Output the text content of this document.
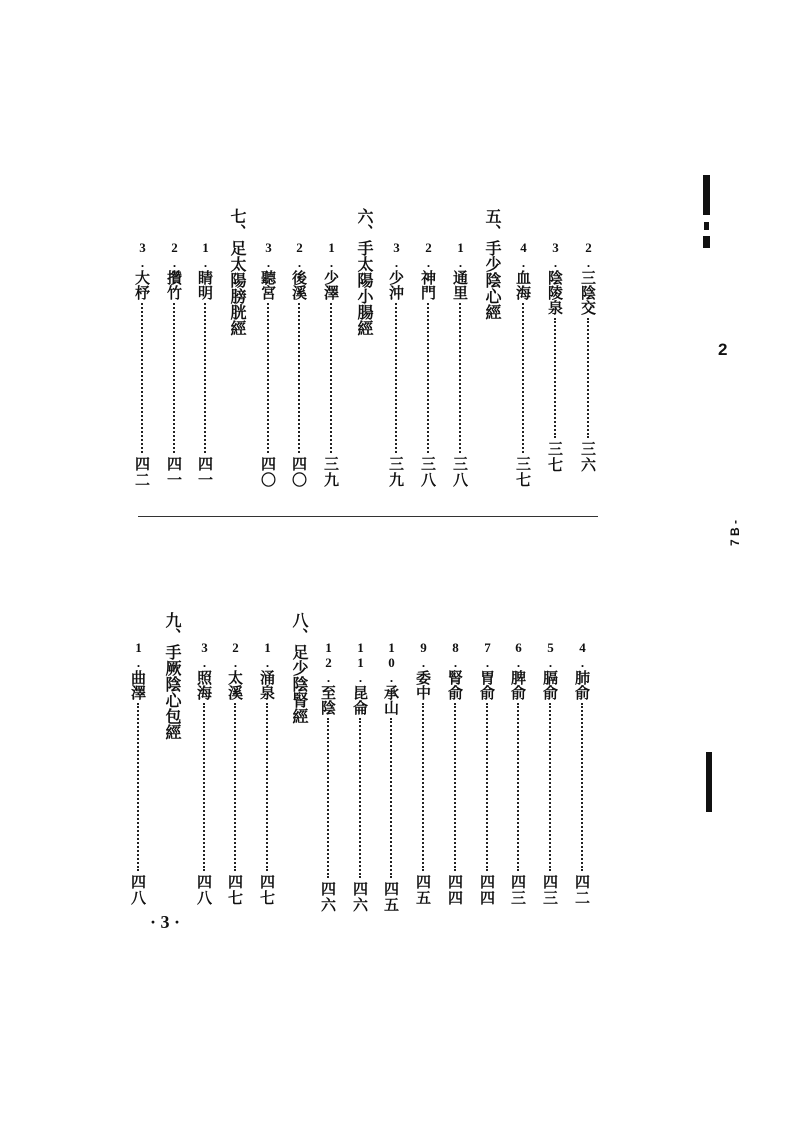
2.三陰交三六
3.陰陵泉三七
4.血海三七
五、手少陰心經
1.通里三八
2.神門三八
3.少沖三九
六、手太陽小腸經
1.少澤三九
2.後溪四〇
3.聽宮四〇
七、足太陽膀胱經
1.睛明四一
2.攢竹四一
3.大杼四二
4.肺俞四二
5.膈俞四三
6.脾俞四三
7.胃俞四四
8.腎俞四四
9.委中四五
10.承山四五
11.昆侖四六
12.至陰四六
八、足少陰腎經
1.涌泉四七
2.太溪四七
3.照海四八
九、手厥陰心包經
1.曲澤四八
· 3 ·
2
7 B -
